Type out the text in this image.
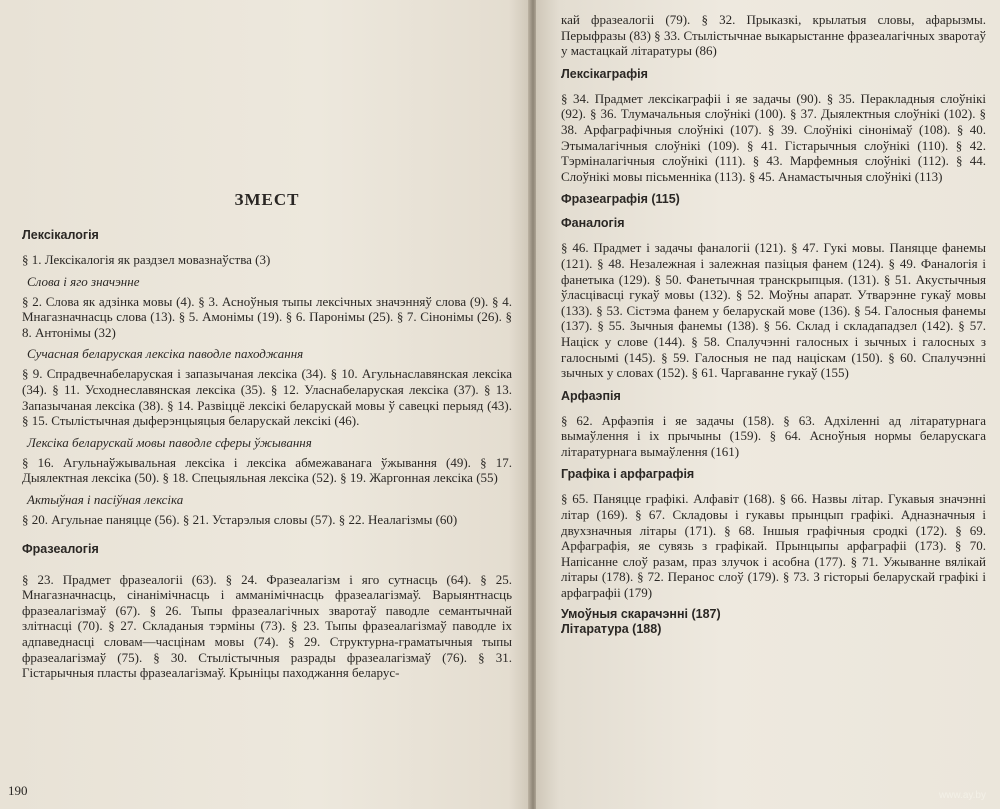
ЗМЕСТ
Лексікалогія

§ 1. Лексікалогія як раздзел мовазнаўства (3)

Слова і яго значэнне

§ 2. Слова як адзінка мовы (4). § 3. Асноўныя тыпы лексічных значэнняў слова (9). § 4. Мнагазначнасць слова (13). § 5. Амонімы (19). § 6. Паронімы (25). § 7. Сінонімы (26). § 8. Антонімы (32)

Сучасная беларуская лексіка паводле паходжання

§ 9. Спрадвечнабеларуская і запазычаная лексіка (34). § 10. Агульнаславянская лексіка (34). § 11. Усходнеславянская лексіка (35). § 12. Уласнабеларуская лексіка (37). § 13. Запазычаная лексіка (38). § 14. Развіццё лексікі беларускай мовы ў савецкі перыяд (43). § 15. Стылістычная дыферэнцыяцыя беларускай лексікі (46).

Лексіка беларускай мовы паводле сферы ўжывання

§ 16. Агульнаўжывальная лексіка і лексіка абмежаванага ўжывання (49). § 17. Дыялектная лексіка (50). § 18. Спецыяльная лексіка (52). § 19. Жаргонная лексіка (55)

Актыўная і пасіўная лексіка

§ 20. Агульнае паняцце (56). § 21. Устарэлыя словы (57). § 22. Неалагізмы (60)

Фразеалогія

§ 23. Прадмет фразеалогіі (63). § 24. Фразеалагізм і яго сутнасць (64). § 25. Мнагазначнасць, сінанімічнасць і амманімічнасць фразеалагізмаў. Варыянтнасць фразеалагізмаў (67). § 26. Тыпы фразеалагічных зваротаў паводле семантычнай злітнасці (70). § 27. Складаныя тэрміны (73). § 23. Тыпы фразеалагізмаў паводле іх адпаведнасці словам—часцінам мовы (74). § 29. Структурна-граматычныя тыпы фразеалагізмаў (75). § 30. Стылістычныя разрады фразеалагізмаў (76). § 31. Гістарычныя пласты фразеалагізмаў. Крыніцы паходжання беларус-

190

кай фразеалогіі (79). § 32. Прыказкі, крылатыя словы, афарызмы. Перыфразы (83) § 33. Стылістычнае выкарыстанне фразеалагічных зваротаў у мастацкай літаратуры (86)

Лексікаграфія

§ 34. Прадмет лексікаграфіі і яе задачы (90). § 35. Перакладныя слоўнікі (92). § 36. Тлумачальныя слоўнікі (100). § 37. Дыялектныя слоўнікі (102). § 38. Арфаграфічныя слоўнікі (107). § 39. Слоўнікі сінонімаў (108). § 40. Этымалагічныя слоўнікі (109). § 41. Гістарычныя слоўнікі (110). § 42. Тэрміналагічныя слоўнікі (111). § 43. Марфемныя слоўнікі (112). § 44. Слоўнікі мовы пісьменніка (113). § 45. Анамастычныя слоўнікі (113)

Фразеаграфія (115)
Фаналогія

§ 46. Прадмет і задачы фаналогіі (121). § 47. Гукі мовы. Паняцце фанемы (121). § 48. Незалежная і залежная пазіцыя фанем (124). § 49. Фаналогія і фанетыка (129). § 50. Фанетычная транскрыпцыя. (131). § 51. Акустычныя ўласцівасці гукаў мовы (132). § 52. Моўны апарат. Утварэнне гукаў мовы (133). § 53. Сістэма фанем у беларускай мове (136). § 54. Галосныя фанемы (137). § 55. Зычныя фанемы (138). § 56. Склад і складападзел (142). § 57. Націск у слове (144). § 58. Спалучэнні галосных і зычных і галосных з галоснымі (145). § 59. Галосныя не пад націскам (150). § 60. Спалучэнні зычных у словах (152). § 61. Чаргаванне гукаў (155)

Арфаэпія

§ 62. Арфаэпія і яе задачы (158). § 63. Адхіленні ад літаратурнага вымаўлення і іх прычыны (159). § 64. Асноўныя нормы беларускага літаратурнага вымаўлення (161)

Графіка і арфаграфія

§ 65. Паняцце графікі. Алфавіт (168). § 66. Назвы літар. Гукавыя значэнні літар (169). § 67. Складовы і гукавы прынцып графікі. Адназначныя і двухзначныя літары (171). § 68. Іншыя графічныя сродкі (172). § 69. Арфаграфія, яе сувязь з графікай. Прынцыпы арфаграфіі (173). § 70. Напісанне слоў разам, праз злучок і асобна (177). § 71. Ужыванне вялікай літары (178). § 72. Перанос слоў (179). § 73. З гісторыі беларускай графікі і арфаграфіі (179)

Умоўныя скарачэнні (187)

Літаратура (188)

www.ay.by
